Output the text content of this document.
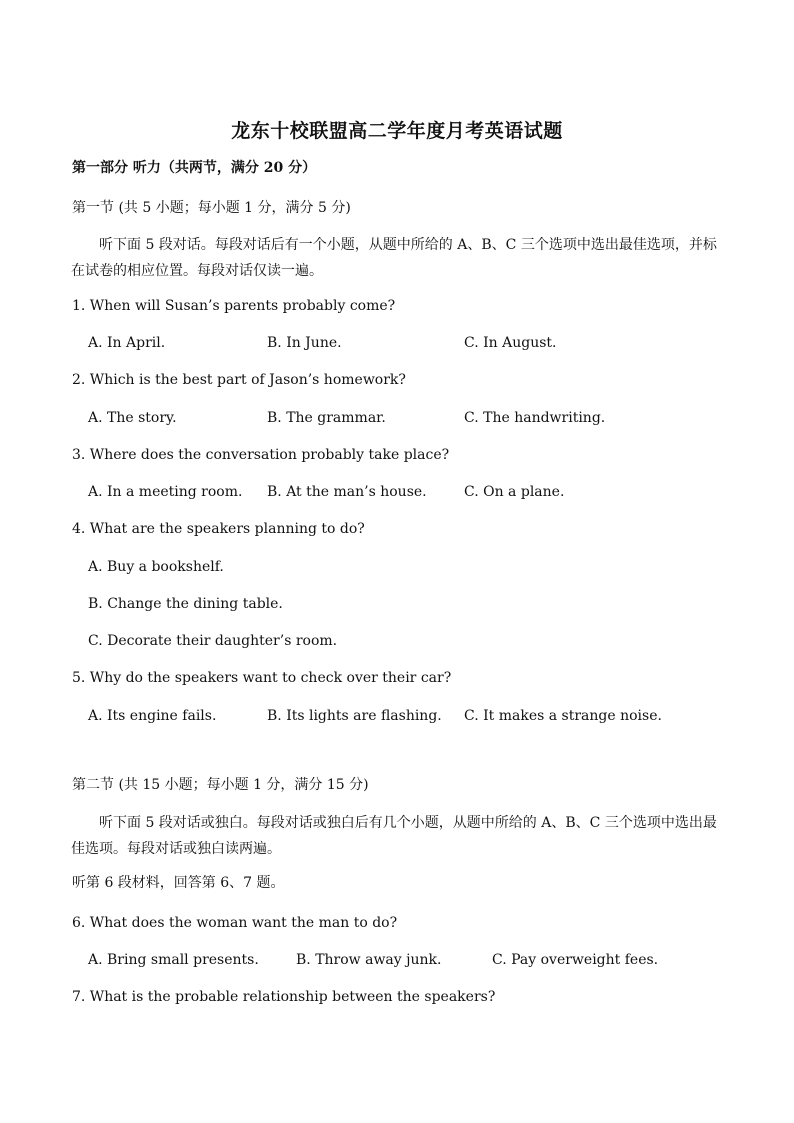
龙东十校联盟高二学年度月考英语试题
第一部分 听力（共两节，满分 20 分）
第一节 (共 5 小题；每小题 1 分，满分 5 分)
听下面 5 段对话。每段对话后有一个小题，从题中所给的 A、B、C 三个选项中选出最佳选项，并标在试卷的相应位置。每段对话仅读一遍。
1. When will Susan’s parents probably come?
A. In April.	B. In June.	C. In August.
2. Which is the best part of Jason’s homework?
A. The story.	B. The grammar.	C. The handwriting.
3. Where does the conversation probably take place?
A. In a meeting room. B. At the man’s house.	C. On a plane.
4. What are the speakers planning to do?
A. Buy a bookshelf.
B. Change the dining table.
C. Decorate their daughter’s room.
5. Why do the speakers want to check over their car?
A. Its engine fails.	B. Its lights are flashing. C. It makes a strange noise.
第二节 (共 15 小题；每小题 1 分，满分 15 分)
听下面 5 段对话或独白。每段对话或独白后有几个小题，从题中所给的 A、B、C 三个选项中选出最佳选项。每段对话或独白读两遍。
听第 6 段材料，回答第 6、7 题。
6. What does the woman want the man to do?
A. Bring small presents.	B. Throw away junk.	C. Pay overweight fees.
7. What is the probable relationship between the speakers?
